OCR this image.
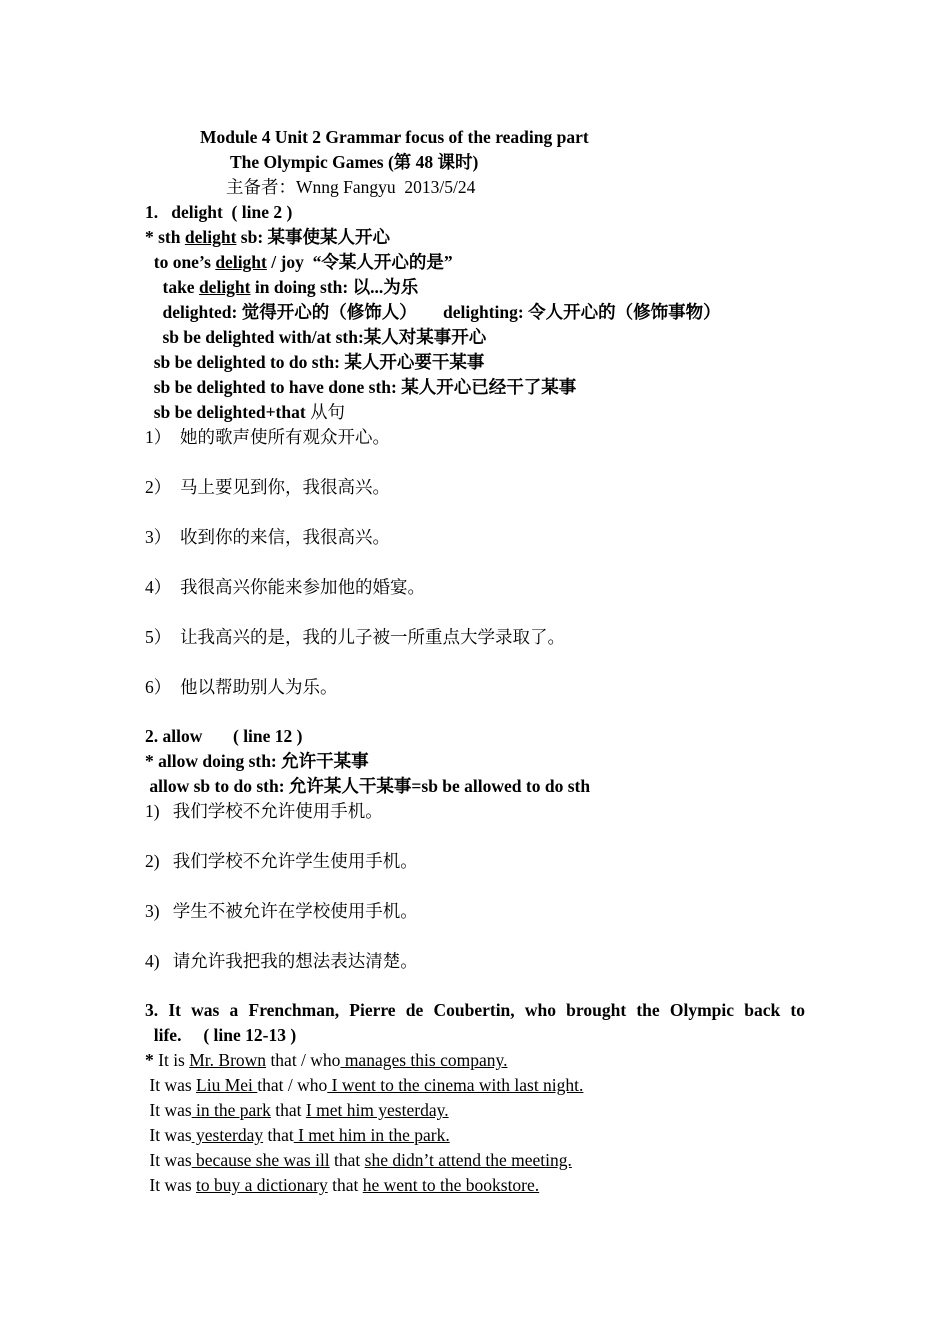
Module 4 Unit 2 Grammar focus of the reading part
The Olympic Games (第 48 课时)
主备者：Wnng Fangyu  2013/5/24
1.   delight  ( line 2 )
* sth delight sb: 某事使某人开心
to one’s delight / joy  “令某人开心的是”
take delight in doing sth: 以...为乐
delighted: 觉得开心的（修饰人）      delighting: 令人开心的（修饰事物）
sb be delighted with/at sth:某人对某事开心
sb be delighted to do sth: 某人开心要干某事
sb be delighted to have done sth: 某人开心已经干了某事
sb be delighted+that 从句
1）  她的歌声使所有观众开心。
2）  马上要见到你，我很高兴。
3）  收到你的来信，我很高兴。
4）  我很高兴你能来参加他的婚宴。
5）  让我高兴的是，我的儿子被一所重点大学录取了。
6）  他以帮助别人为乐。
2. allow       ( line 12 )
* allow doing sth: 允许干某事
allow sb to do sth: 允许某人干某事=sb be allowed to do sth
1)   我们学校不允许使用手机。
2)   我们学校不允许学生使用手机。
3)   学生不被允许在学校使用手机。
4)   请允许我把我的想法表达清楚。
3. It was a Frenchman, Pierre de Coubertin, who brought the Olympic back to
life.     ( line 12-13 )
* It is Mr. Brown that / who manages this company.
It was Liu Mei that / who I went to the cinema with last night.
It was in the park that I met him yesterday.
It was yesterday that I met him in the park.
It was because she was ill that she didn’t attend the meeting.
It was to buy a dictionary that he went to the bookstore.
